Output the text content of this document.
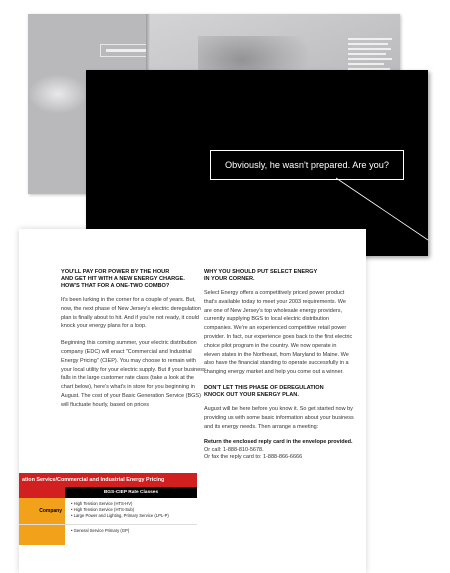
Obviously, he wasn't prepared. Are you?

YOU'LL PAY FOR POWER BY THE HOUR
AND GET HIT WITH A NEW ENERGY CHARGE.
HOW'S THAT FOR A ONE-TWO COMBO?

It's been lurking in the corner for a couple of years. But, now, the next phase of New Jersey's electric deregulation plan is finally about to hit. And if you're not ready, it could knock your energy plans for a loop.

Beginning this coming summer, your electric distribution company (EDC) will enact "Commercial and Industrial Energy Pricing" (CIEP). You may choose to remain with your local utility for your electric supply. But if your business falls in the large customer rate class (take a look at the chart below), here's what's in store for you beginning in August. The cost of your Basic Generation Service (BGS) will fluctuate hourly, based on prices

WHY YOU SHOULD PUT SELECT ENERGY
IN YOUR CORNER.

Select Energy offers a competitively priced power product that's available today to meet your 2003 requirements. We are one of New Jersey's top wholesale energy providers, currently supplying BGS to local electric distribution companies. We're an experienced competitive retail power provider. In fact, our experience goes back to the first electric choice pilot program in the country. We now operate in eleven states in the Northeast, from Maryland to Maine. We also have the financial standing to operate successfully in a changing energy market and help you come out a winner.

DON'T LET THIS PHASE OF DEREGULATION
KNOCK OUT YOUR ENERGY PLAN.

August will be here before you know it. So get started now by providing us with some basic information about your business and its energy needs. Then arrange a meeting:

Return the enclosed reply card in the envelope provided.
Or call: 1-888-810-5678.
Or fax the reply card to: 1-888-866-6666

ation Service/Commercial and Industrial Energy Pricing
BGS-CIEP Rate Classes
Company
• High Tension Service (HTS-HV)
• High Tension Service (HTS-Sub)
• Large Power and Lighting, Primary Service (LPL-P)
• General Service Primary (GP)
